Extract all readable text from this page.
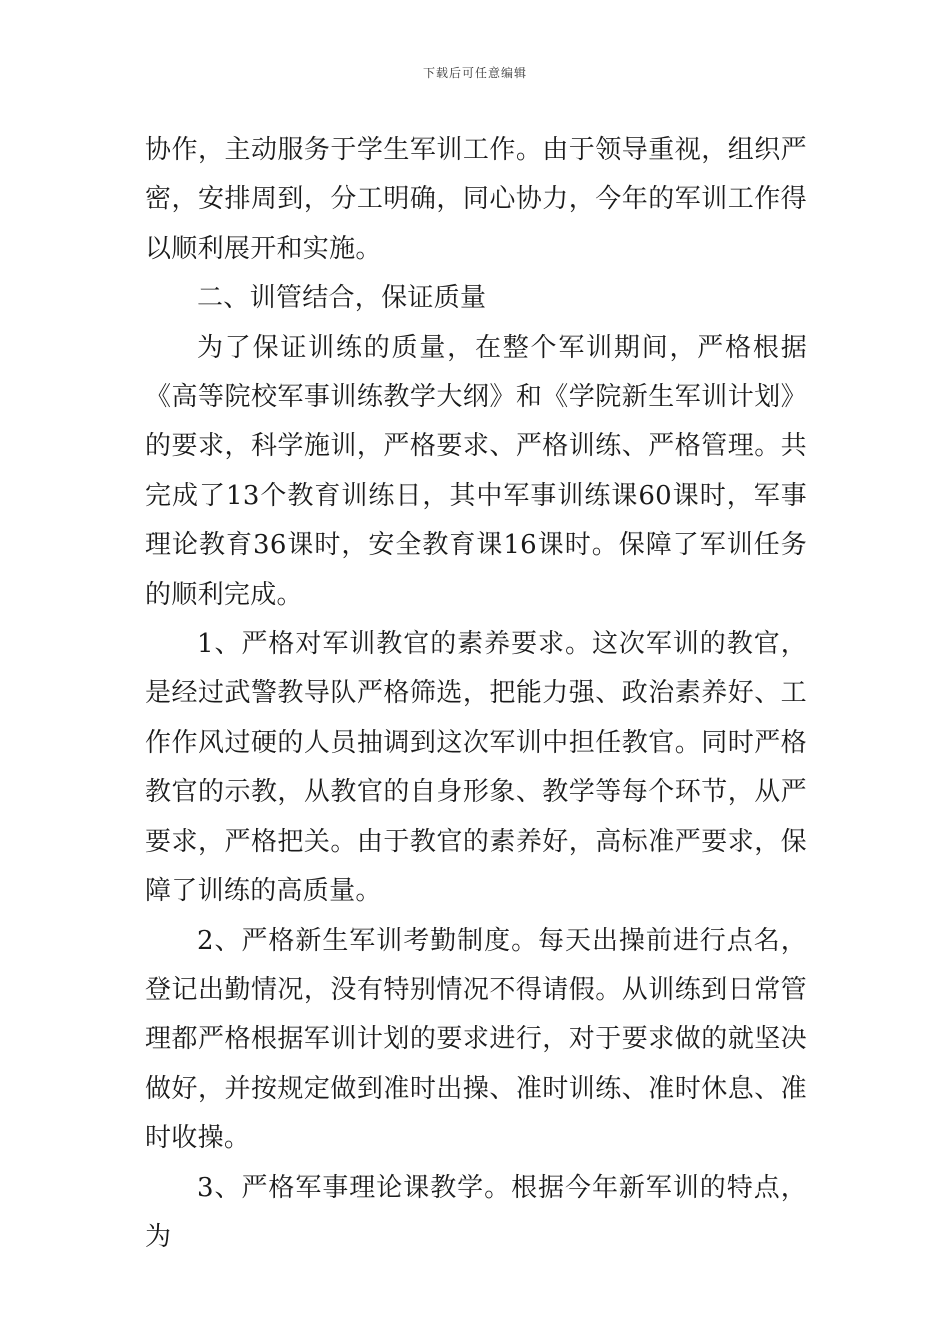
下载后可任意编辑

协作，主动服务于学生军训工作。由于领导重视，组织严密，安排周到，分工明确，同心协力，今年的军训工作得以顺利展开和实施。

二、训管结合，保证质量

为了保证训练的质量，在整个军训期间，严格根据《高等院校军事训练教学大纲》和《学院新生军训计划》的要求，科学施训，严格要求、严格训练、严格管理。共完成了13个教育训练日，其中军事训练课60课时，军事理论教育36课时，安全教育课16课时。保障了军训任务的顺利完成。

1、严格对军训教官的素养要求。这次军训的教官，是经过武警教导队严格筛选，把能力强、政治素养好、工作作风过硬的人员抽调到这次军训中担任教官。同时严格教官的示教，从教官的自身形象、教学等每个环节，从严要求，严格把关。由于教官的素养好，高标准严要求，保障了训练的高质量。

2、严格新生军训考勤制度。每天出操前进行点名，登记出勤情况，没有特别情况不得请假。从训练到日常管理都严格根据军训计划的要求进行，对于要求做的就坚决做好，并按规定做到准时出操、准时训练、准时休息、准时收操。

3、严格军事理论课教学。根据今年新军训的特点，为
